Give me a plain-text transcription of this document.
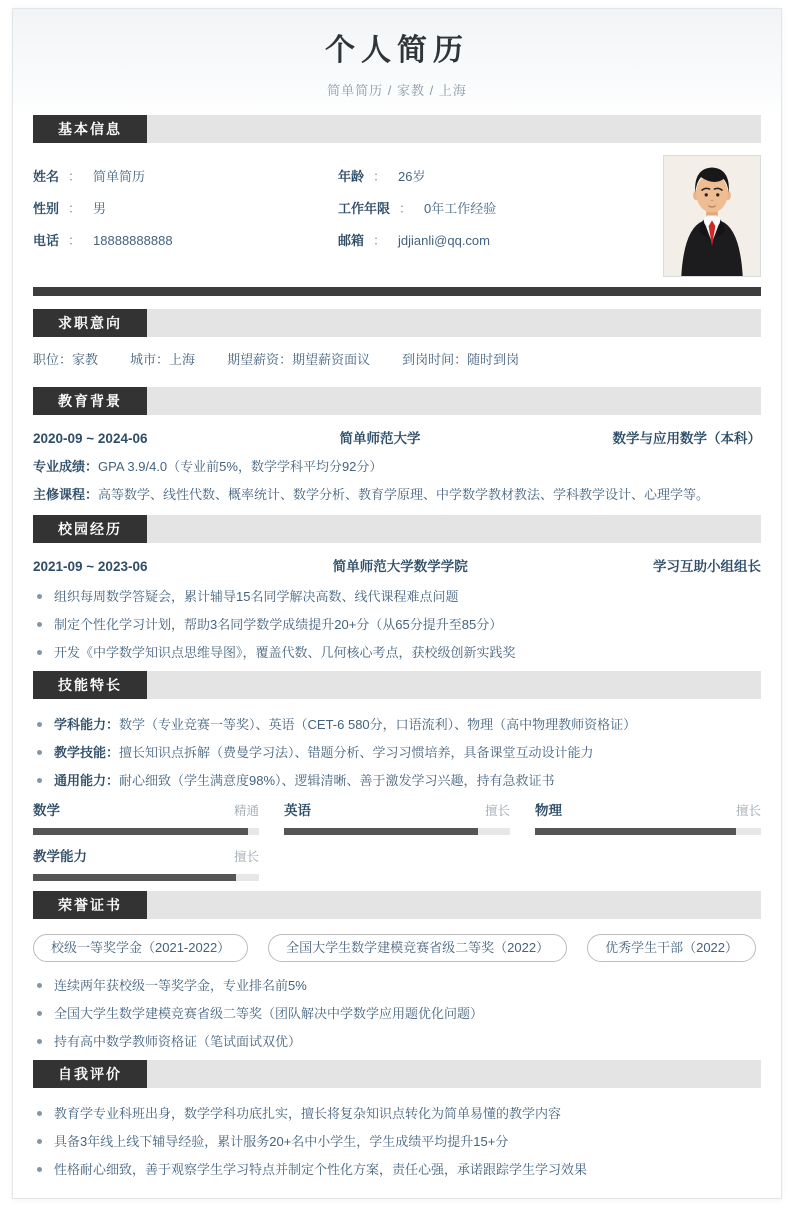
个人简历
简单简历 / 家教 / 上海
基本信息
姓名 ： 简单简历	年龄 ： 26岁
性别 ： 男	工作年限 ： 0年工作经验
电话 ： 18888888888	邮箱 ： jdjianli@qq.com
求职意向
职位：家教 城市：上海 期望薪资：期望薪资面议 到岗时间：随时到岗
教育背景
2020-09 ~ 2024-06	简单师范大学	数学与应用数学（本科）
专业成绩：GPA 3.9/4.0（专业前5%，数学学科平均分92分）
主修课程：高等数学、线性代数、概率统计、数学分析、教育学原理、中学数学教材教法、学科教学设计、心理学等。
校园经历
2021-09 ~ 2023-06	简单师范大学数学学院	学习互助小组组长
组织每周数学答疑会，累计辅导15名同学解决高数、线代课程难点问题
制定个性化学习计划，帮助3名同学数学成绩提升20+分（从65分提升至85分）
开发《中学数学知识点思维导图》，覆盖代数、几何核心考点，获校级创新实践奖
技能特长
学科能力：数学（专业竞赛一等奖）、英语（CET-6 580分，口语流利）、物理（高中物理教师资格证）
教学技能：擅长知识点拆解（费曼学习法）、错题分析、学习习惯培养，具备课堂互动设计能力
通用能力：耐心细致（学生满意度98%）、逻辑清晰、善于激发学习兴趣，持有急救证书
数学	精通 英语	擅长 物理	擅长
教学能力	擅长
荣誉证书
校级一等奖学金（2021-2022）	全国大学生数学建模竞赛省级二等奖（2022）	优秀学生干部（2022）
连续两年获校级一等奖学金，专业排名前5%
全国大学生数学建模竞赛省级二等奖（团队解决中学数学应用题优化问题）
持有高中数学教师资格证（笔试面试双优）
自我评价
教育学专业科班出身，数学学科功底扎实，擅长将复杂知识点转化为简单易懂的教学内容
具备3年线上线下辅导经验，累计服务20+名中小学生，学生成绩平均提升15+分
性格耐心细致，善于观察学生学习特点并制定个性化方案，责任心强，承诺跟踪学生学习效果
